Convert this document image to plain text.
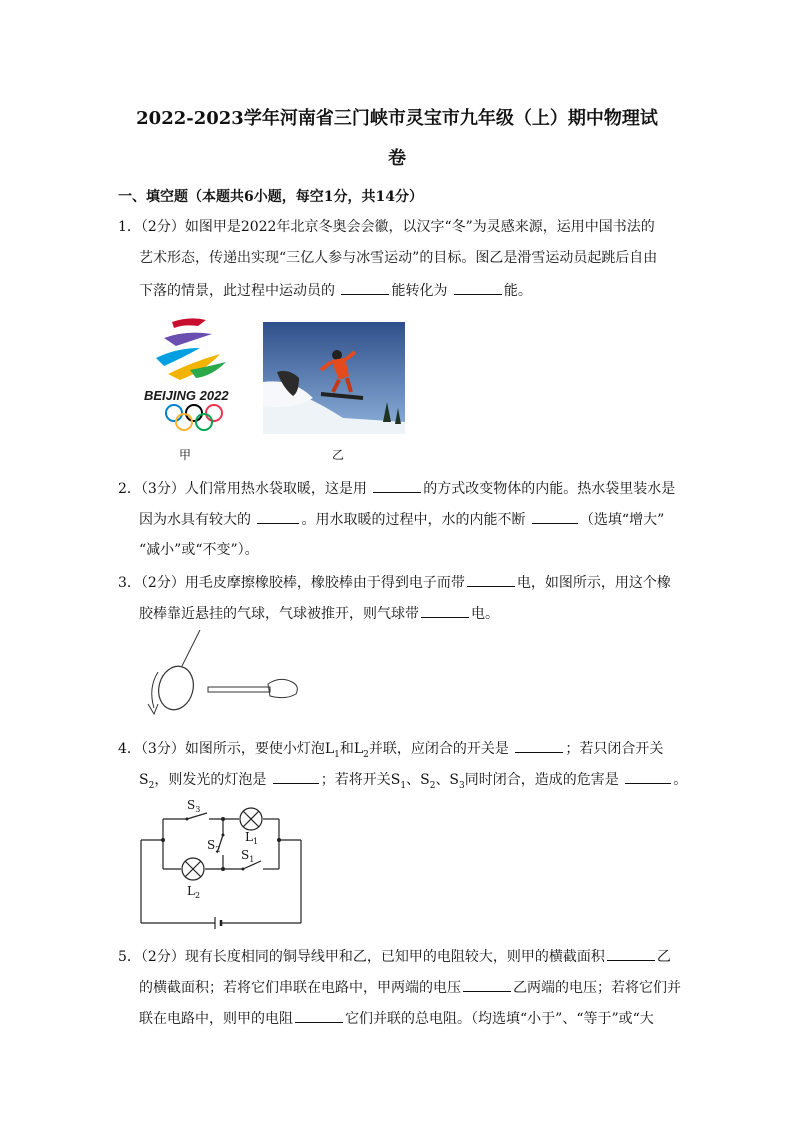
2022-2023学年河南省三门峡市灵宝市九年级（上）期中物理试
卷
一、填空题（本题共6小题，每空1分，共14分）
1．（2分）如图甲是2022年北京冬奥会会徽，以汉字“冬”为灵感来源，运用中国书法的
艺术形态，传递出实现“三亿人参与冰雪运动”的目标。图乙是滑雪运动员起跳后自由
下落的情景，此过程中运动员的	能转化为	能。
BEIJING 2022
甲	乙
2．（3分）人们常用热水袋取暖，这是用	的方式改变物体的内能。热水袋里装水是
因为水具有较大的	。用水取暖的过程中，水的内能不断	（选填“增大”
“减小”或“不变”）。
3．（2分）用毛皮摩擦橡胶棒，橡胶棒由于得到电子而带	电，如图所示，用这个橡
胶棒靠近悬挂的气球，气球被推开，则气球带	电。
4．（3分）如图所示，要使小灯泡$L_1$和$L_2$并联，应闭合的开关是	；若只闭合开关
$S_2$，则发光的灯泡是	；若将开关$S_1$、$S_2$、$S_3$同时闭合，造成的危害是	。
$S_3$
$S_2$ $S_1$
$L_1$
$L_2$
5．（2分）现有长度相同的铜导线甲和乙，已知甲的电阻较大，则甲的横截面积	乙
的横截面积；若将它们串联在电路中，甲两端的电压	乙两端的电压；若将它们并
联在电路中，则甲的电阻	它们并联的总电阻。（均选填“小于”、“等于”或“大
